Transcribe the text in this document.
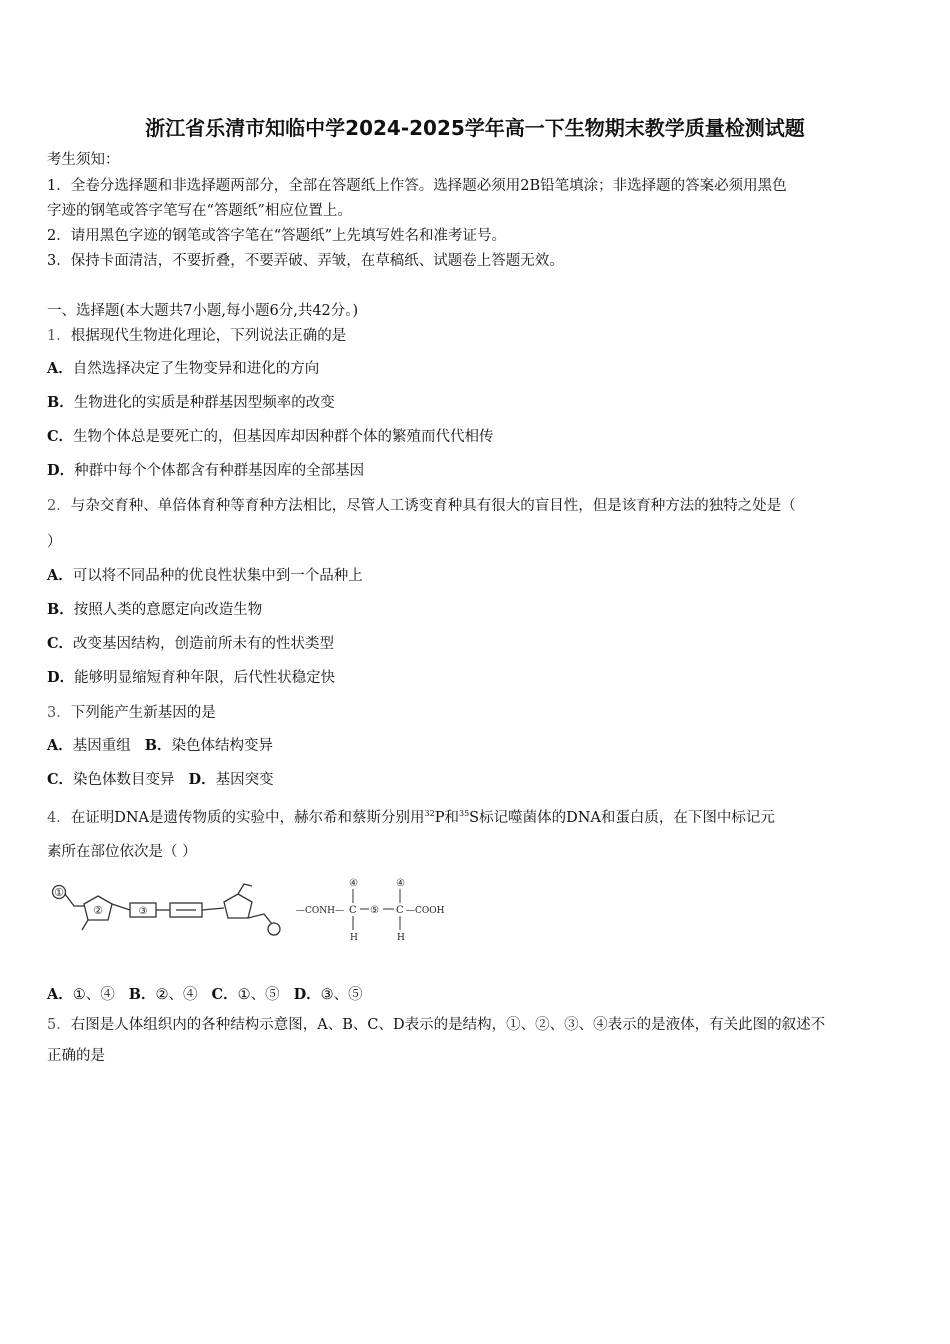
浙江省乐清市知临中学2024-2025学年高一下生物期末教学质量检测试题
考生须知：
1．全卷分选择题和非选择题两部分，全部在答题纸上作答。选择题必须用2B铅笔填涂；非选择题的答案必须用黑色
字迹的钢笔或答字笔写在“答题纸”相应位置上。
2．请用黑色字迹的钢笔或答字笔在“答题纸”上先填写姓名和准考证号。
3．保持卡面清洁，不要折叠，不要弄破、弄皱，在草稿纸、试题卷上答题无效。
一、选择题(本大题共7小题,每小题6分,共42分。)
1．根据现代生物进化理论，下列说法正确的是
A．自然选择决定了生物变异和进化的方向
B．生物进化的实质是种群基因型频率的改变
C．生物个体总是要死亡的，但基因库却因种群个体的繁殖而代代相传
D．种群中每个个体都含有种群基因库的全部基因
2．与杂交育种、单倍体育种等育种方法相比，尽管人工诱变育种具有很大的盲目性，但是该育种方法的独特之处是（
）
A．可以将不同品种的优良性状集中到一个品种上
B．按照人类的意愿定向改造生物
C．改变基因结构，创造前所未有的性状类型
D．能够明显缩短育种年限，后代性状稳定快
3．下列能产生新基因的是
A．基因重组 B．染色体结构变异
C．染色体数目变异 D．基因突变
4．在证明DNA是遗传物质的实验中，赫尔希和蔡斯分别用$^{32}$P和$^{35}$S标记噬菌体的DNA和蛋白质，在下图中标记元
素所在部位依次是（ ）
①
②	③	—CONH— C
④
H
⑤ C
④
H
—COOH
A．①、④ B．②、④ C．①、⑤ D．③、⑤
5．右图是人体组织内的各种结构示意图，A、B、C、D表示的是结构，①、②、③、④表示的是液体，有关此图的叙述不
正确的是
